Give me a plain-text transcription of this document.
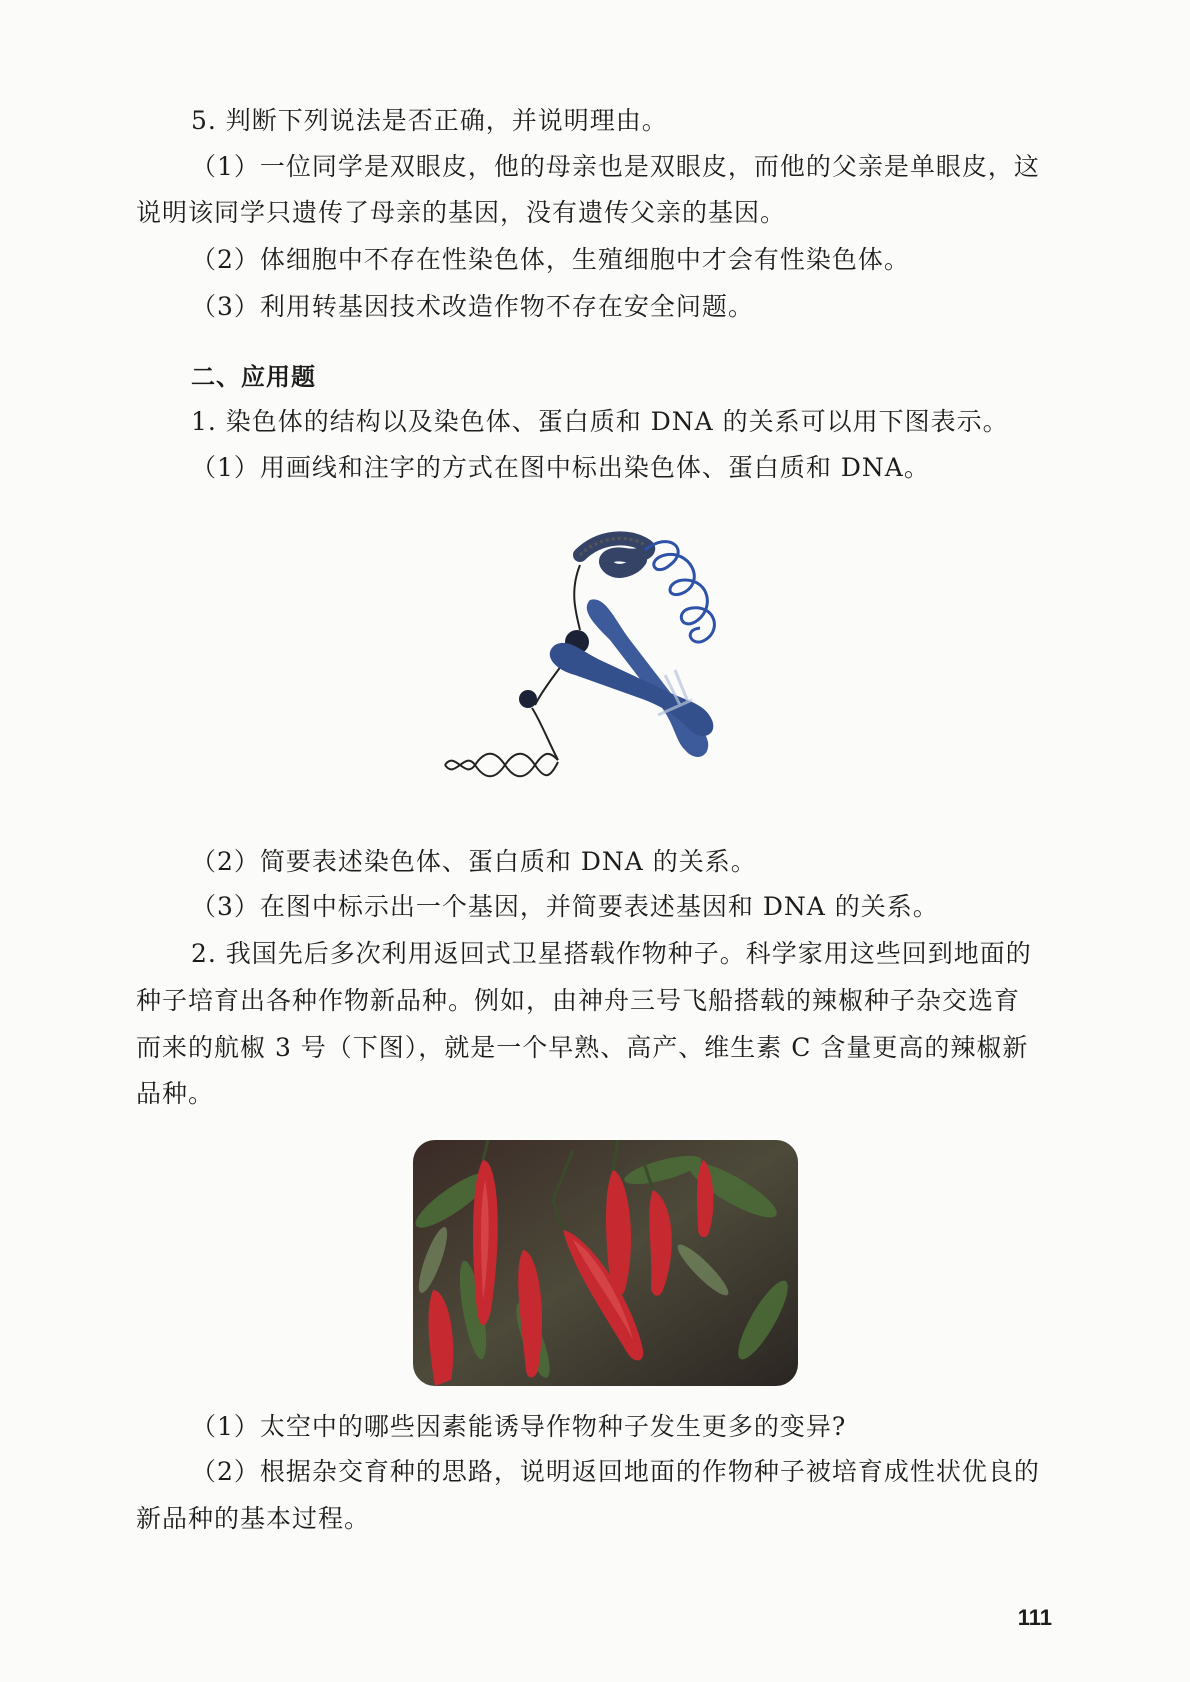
5. 判断下列说法是否正确，并说明理由。
（1）一位同学是双眼皮，他的母亲也是双眼皮，而他的父亲是单眼皮，这
说明该同学只遗传了母亲的基因，没有遗传父亲的基因。
（2）体细胞中不存在性染色体，生殖细胞中才会有性染色体。
（3）利用转基因技术改造作物不存在安全问题。
二、应用题
1. 染色体的结构以及染色体、蛋白质和 DNA 的关系可以用下图表示。
（1）用画线和注字的方式在图中标出染色体、蛋白质和 DNA。
（2）简要表述染色体、蛋白质和 DNA 的关系。
（3）在图中标示出一个基因，并简要表述基因和 DNA 的关系。
2. 我国先后多次利用返回式卫星搭载作物种子。科学家用这些回到地面的
种子培育出各种作物新品种。例如，由神舟三号飞船搭载的辣椒种子杂交选育
而来的航椒 3 号（下图），就是一个早熟、高产、维生素 C 含量更高的辣椒新
品种。
（1）太空中的哪些因素能诱导作物种子发生更多的变异?
（2）根据杂交育种的思路，说明返回地面的作物种子被培育成性状优良的
新品种的基本过程。
111
